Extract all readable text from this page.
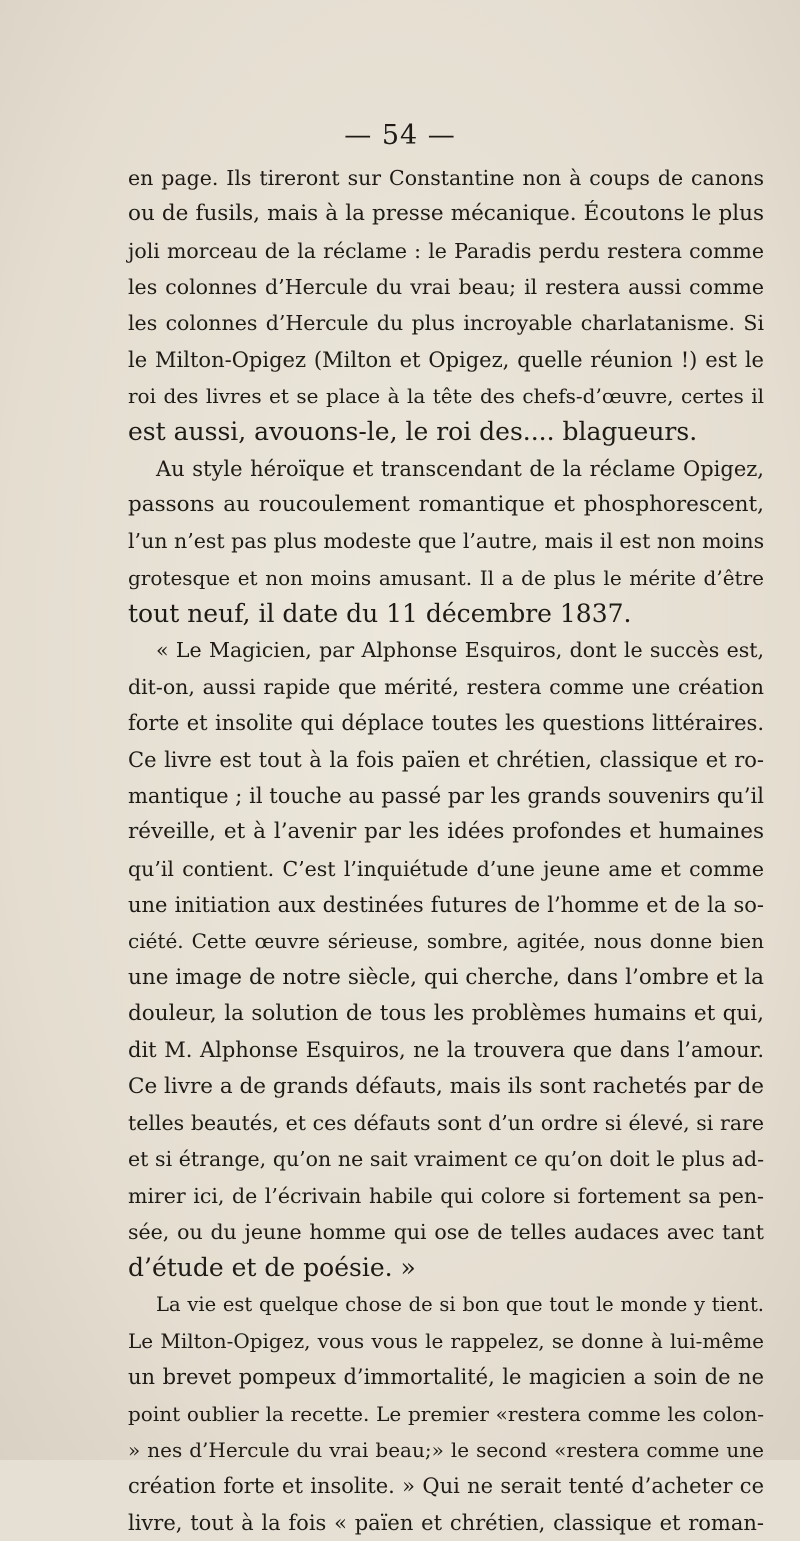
— 54 —
en page. Ils tireront sur Constantine non à coups de canons
ou de fusils, mais à la presse mécanique. Écoutons le plus
joli morceau de la réclame : le Paradis perdu restera comme
les colonnes d’Hercule du vrai beau; il restera aussi comme
les colonnes d’Hercule du plus incroyable charlatanisme. Si
le Milton-Opigez (Milton et Opigez, quelle réunion !) est le
roi des livres et se place à la tête des chefs-d’œuvre, certes il
est aussi, avouons-le, le roi des.... blagueurs.
Au style héroïque et transcendant de la réclame Opigez,
passons au roucoulement romantique et phosphorescent,
l’un n’est pas plus modeste que l’autre, mais il est non moins
grotesque et non moins amusant. Il a de plus le mérite d’être
tout neuf, il date du 11 décembre 1837.
« Le Magicien, par Alphonse Esquiros, dont le succès est,
dit-on, aussi rapide que mérité, restera comme une création
forte et insolite qui déplace toutes les questions littéraires.
Ce livre est tout à la fois païen et chrétien, classique et ro-
mantique ; il touche au passé par les grands souvenirs qu’il
réveille, et à l’avenir par les idées profondes et humaines
qu’il contient. C’est l’inquiétude d’une jeune ame et comme
une initiation aux destinées futures de l’homme et de la so-
ciété. Cette œuvre sérieuse, sombre, agitée, nous donne bien
une image de notre siècle, qui cherche, dans l’ombre et la
douleur, la solution de tous les problèmes humains et qui,
dit M. Alphonse Esquiros, ne la trouvera que dans l’amour.
Ce livre a de grands défauts, mais ils sont rachetés par de
telles beautés, et ces défauts sont d’un ordre si élevé, si rare
et si étrange, qu’on ne sait vraiment ce qu’on doit le plus ad-
mirer ici, de l’écrivain habile qui colore si fortement sa pen-
sée, ou du jeune homme qui ose de telles audaces avec tant
d’étude et de poésie. »
La vie est quelque chose de si bon que tout le monde y tient.
Le Milton-Opigez, vous vous le rappelez, se donne à lui-même
un brevet pompeux d’immortalité, le magicien a soin de ne
point oublier la recette. Le premier «restera comme les colon-
» nes d’Hercule du vrai beau;» le second «restera comme une
création forte et insolite. » Qui ne serait tenté d’acheter ce
livre, tout à la fois « païen et chrétien, classique et roman-
